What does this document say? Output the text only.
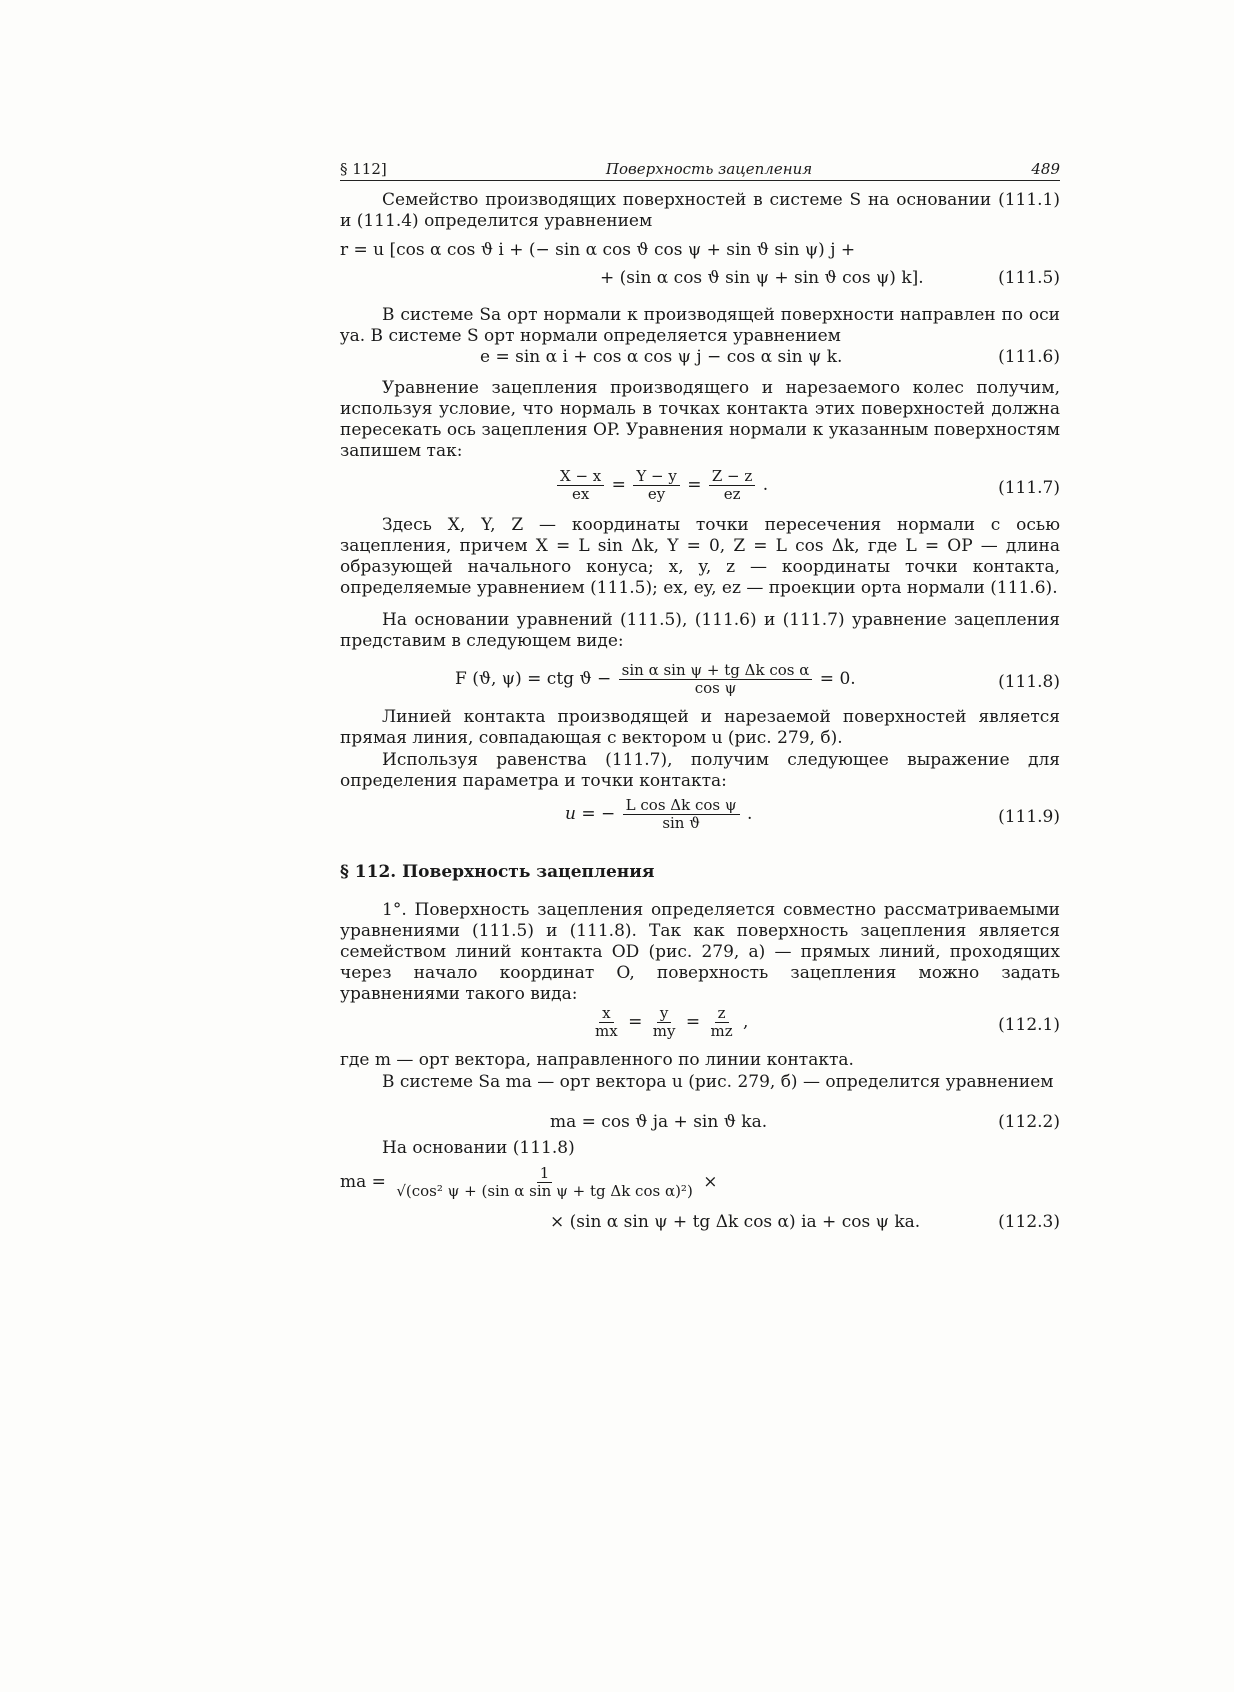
§ 112]	Поверхность зацепления	489

Семейство производящих поверхностей в системе S на основании (111.1) и (111.4) определится уравнением

r = u [cos α cos ϑ i + (− sin α cos ϑ cos ψ + sin ϑ sin ψ) j +
+ (sin α cos ϑ sin ψ + sin ϑ cos ψ) k].	(111.5)

В системе Sa орт нормали к производящей поверхности направлен по оси ya. В системе S орт нормали определяется уравнением

e = sin α i + cos α cos ψ j − cos α sin ψ k.	(111.6)

Уравнение зацепления производящего и нарезаемого колес получим, используя условие, что нормаль в точках контакта этих поверхностей должна пересекать ось зацепления OP. Уравнения нормали к указанным поверхностям запишем так:

$\frac{X - x}{ex} = \frac{Y - y}{ey} = \frac{Z - z}{ez}$ .	(111.7)

Здесь X, Y, Z — координаты точки пересечения нормали с осью зацепления, причем X = L sin Δk, Y = 0, Z = L cos Δk, где L = OP — длина образующей начального конуса; x, y, z — координаты точки контакта, определяемые уравнением (111.5); ex, ey, ez — проекции орта нормали (111.6).

На основании уравнений (111.5), (111.6) и (111.7) уравнение зацепления представим в следующем виде:

F (ϑ, ψ) = ctg $ϑ - \frac{\text{sin α sin ψ + tg Δk cos α}}{\text{cos ψ}} = 0$.	(111.8)

Линией контакта производящей и нарезаемой поверхностей является прямая линия, совпадающая с вектором u (рис. 279, б).

Используя равенства (111.7), получим следующее выражение для определения параметра и точки контакта:

u = − $\frac{\text{L cos Δk cos ψ}}{\text{sin ϑ}}$ .	(111.9)
§ 112. Поверхность зацепления

1°. Поверхность зацепления определяется совместно рассматриваемыми уравнениями (111.5) и (111.8). Так как поверхность зацепления является семейством линий контакта OD (рис. 279, а) — прямых линий, проходящих через начало координат O, поверхность зацепления можно задать уравнениями такого вида:

$\frac{x}{mx} = \frac{y}{my} = \frac{z}{mz}$ ,	(112.1)

где m — орт вектора, направленного по линии контакта.

В системе Sa ma — орт вектора u (рис. 279, б) — определится уравнением

ma = cos ϑ ja + sin ϑ ka.	(112.2)

На основании (111.8)

ma = $\frac{1}{\text{√(cos² ψ + (sin α sin ψ + tg Δk cos α)²)}}$ ×
× (sin α sin ψ + tg Δk cos α) ia + cos ψ ka.	(112.3)
